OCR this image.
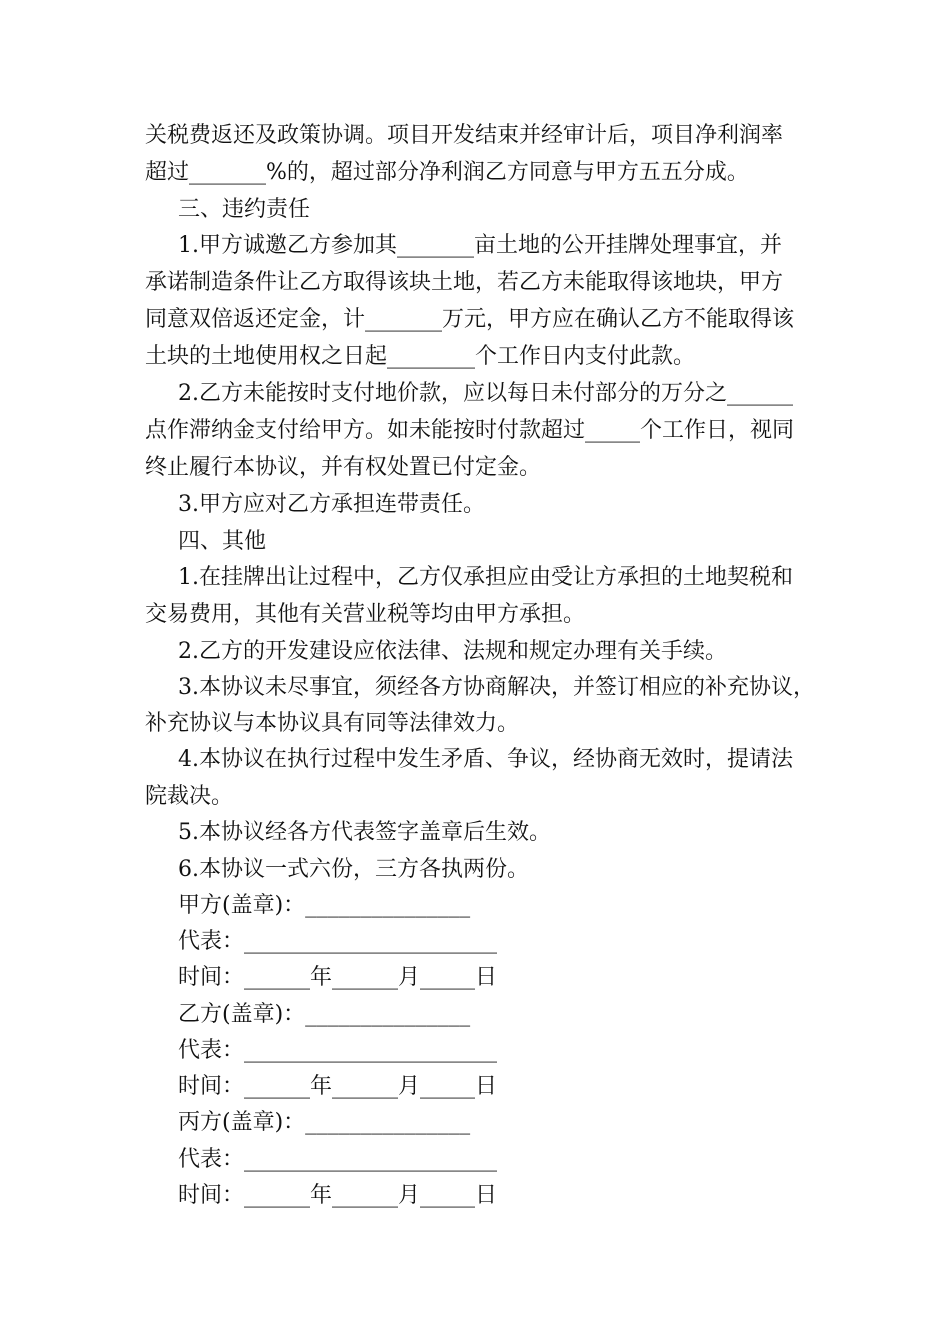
关税费返还及政策协调。项目开发结束并经审计后，项目净利润率
超过_______%的，超过部分净利润乙方同意与甲方五五分成。
三、违约责任
1.甲方诚邀乙方参加其_______亩土地的公开挂牌处理事宜，并
承诺制造条件让乙方取得该块土地，若乙方未能取得该地块，甲方
同意双倍返还定金，计_______万元，甲方应在确认乙方不能取得该
土块的土地使用权之日起________个工作日内支付此款。
2.乙方未能按时支付地价款，应以每日未付部分的万分之______
点作滞纳金支付给甲方。如未能按时付款超过_____个工作日，视同
终止履行本协议，并有权处置已付定金。
3.甲方应对乙方承担连带责任。
四、其他
1.在挂牌出让过程中，乙方仅承担应由受让方承担的土地契税和
交易费用，其他有关营业税等均由甲方承担。
2.乙方的开发建设应依法律、法规和规定办理有关手续。
3.本协议未尽事宜，须经各方协商解决，并签订相应的补充协议，
补充协议与本协议具有同等法律效力。
4.本协议在执行过程中发生矛盾、争议，经协商无效时，提请法
院裁决。
5.本协议经各方代表签字盖章后生效。
6.本协议一式六份，三方各执两份。
甲方(盖章)：_______________
代表：_______________________
时间：______年______月_____日
乙方(盖章)：_______________
代表：_______________________
时间：______年______月_____日
丙方(盖章)：_______________
代表：_______________________
时间：______年______月_____日
